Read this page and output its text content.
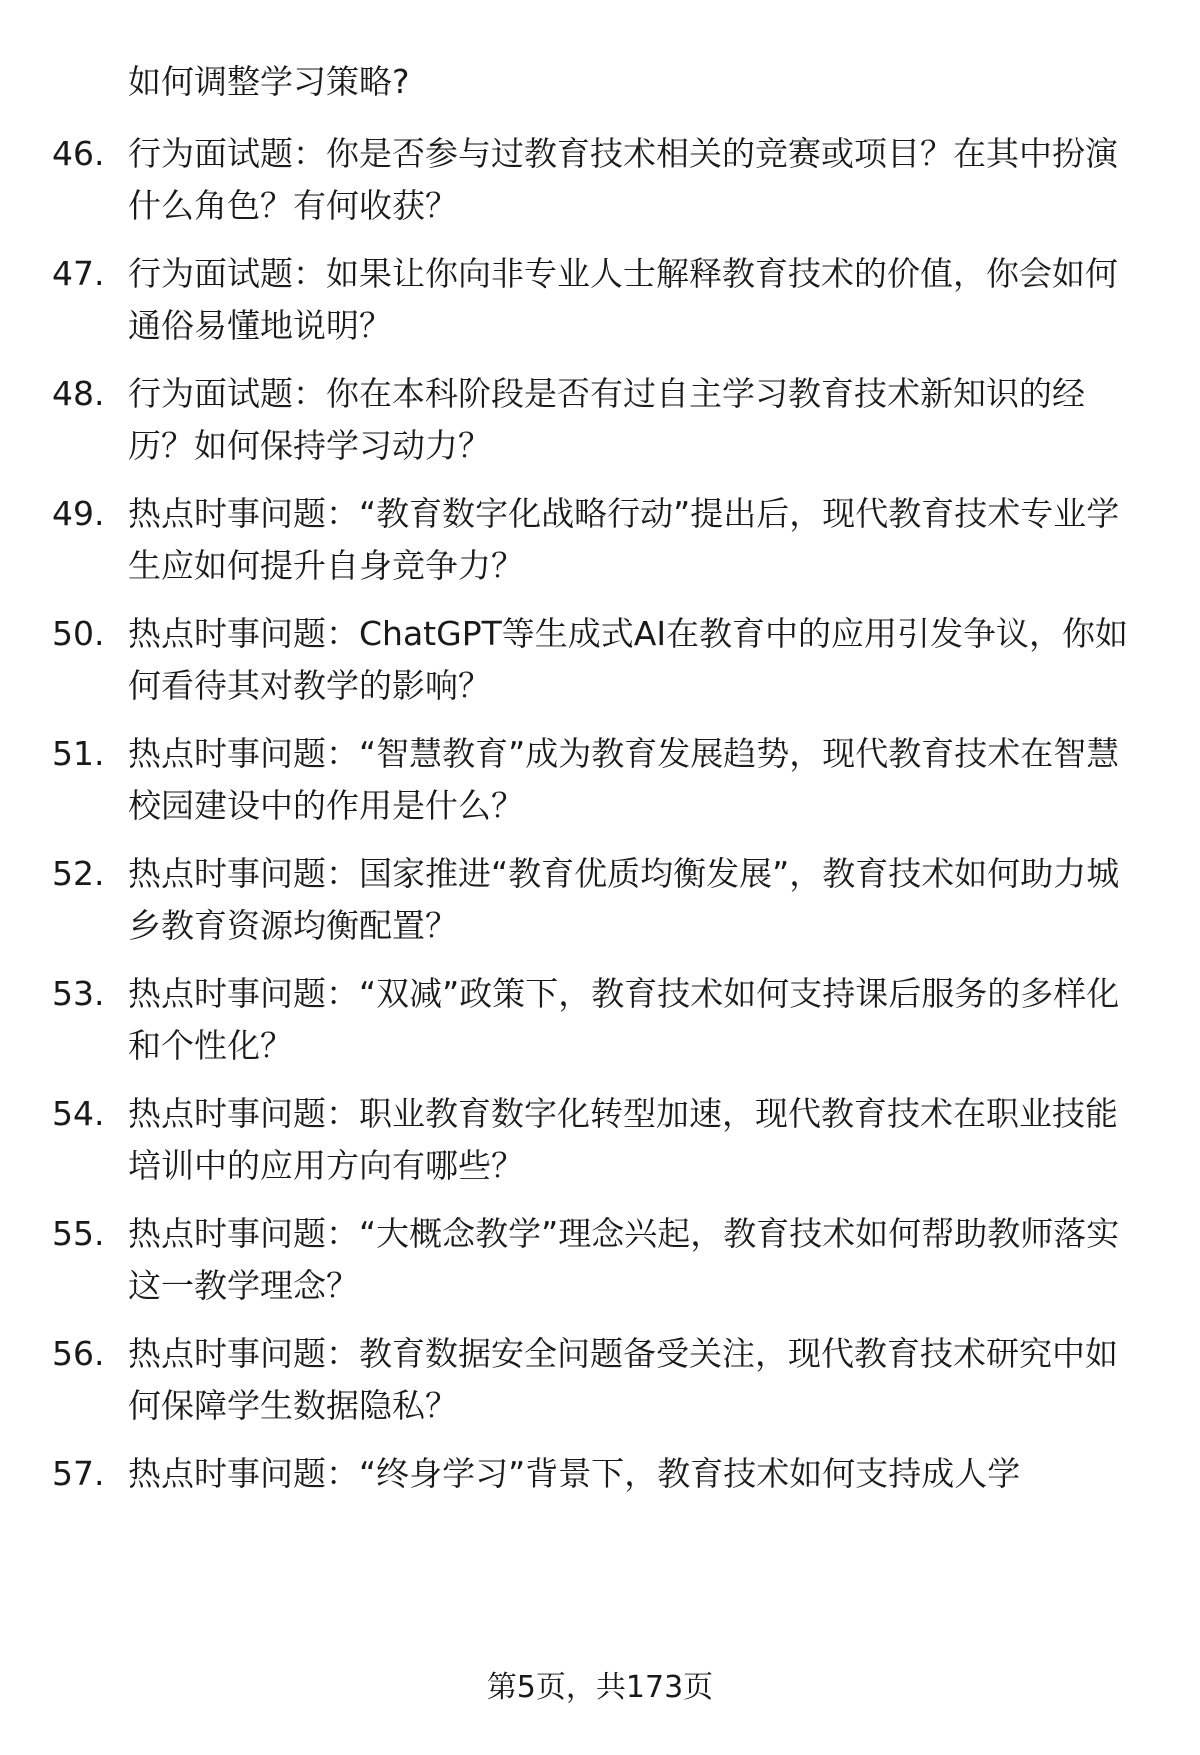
如何调整学习策略?
46. 行为面试题：你是否参与过教育技术相关的竞赛或项目？在其中扮演什么角色？有何收获？
47. 行为面试题：如果让你向非专业人士解释教育技术的价值，你会如何通俗易懂地说明？
48. 行为面试题：你在本科阶段是否有过自主学习教育技术新知识的经历？如何保持学习动力？
49. 热点时事问题：“教育数字化战略行动”提出后，现代教育技术专业学生应如何提升自身竞争力？
50. 热点时事问题：ChatGPT等生成式AI在教育中的应用引发争议，你如何看待其对教学的影响？
51. 热点时事问题：“智慧教育”成为教育发展趋势，现代教育技术在智慧校园建设中的作用是什么？
52. 热点时事问题：国家推进“教育优质均衡发展”，教育技术如何助力城乡教育资源均衡配置？
53. 热点时事问题：“双减”政策下，教育技术如何支持课后服务的多样化和个性化？
54. 热点时事问题：职业教育数字化转型加速，现代教育技术在职业技能培训中的应用方向有哪些？
55. 热点时事问题：“大概念教学”理念兴起，教育技术如何帮助教师落实这一教学理念？
56. 热点时事问题：教育数据安全问题备受关注，现代教育技术研究中如何保障学生数据隐私？
57. 热点时事问题：“终身学习”背景下，教育技术如何支持成人学
第5页，共173页
